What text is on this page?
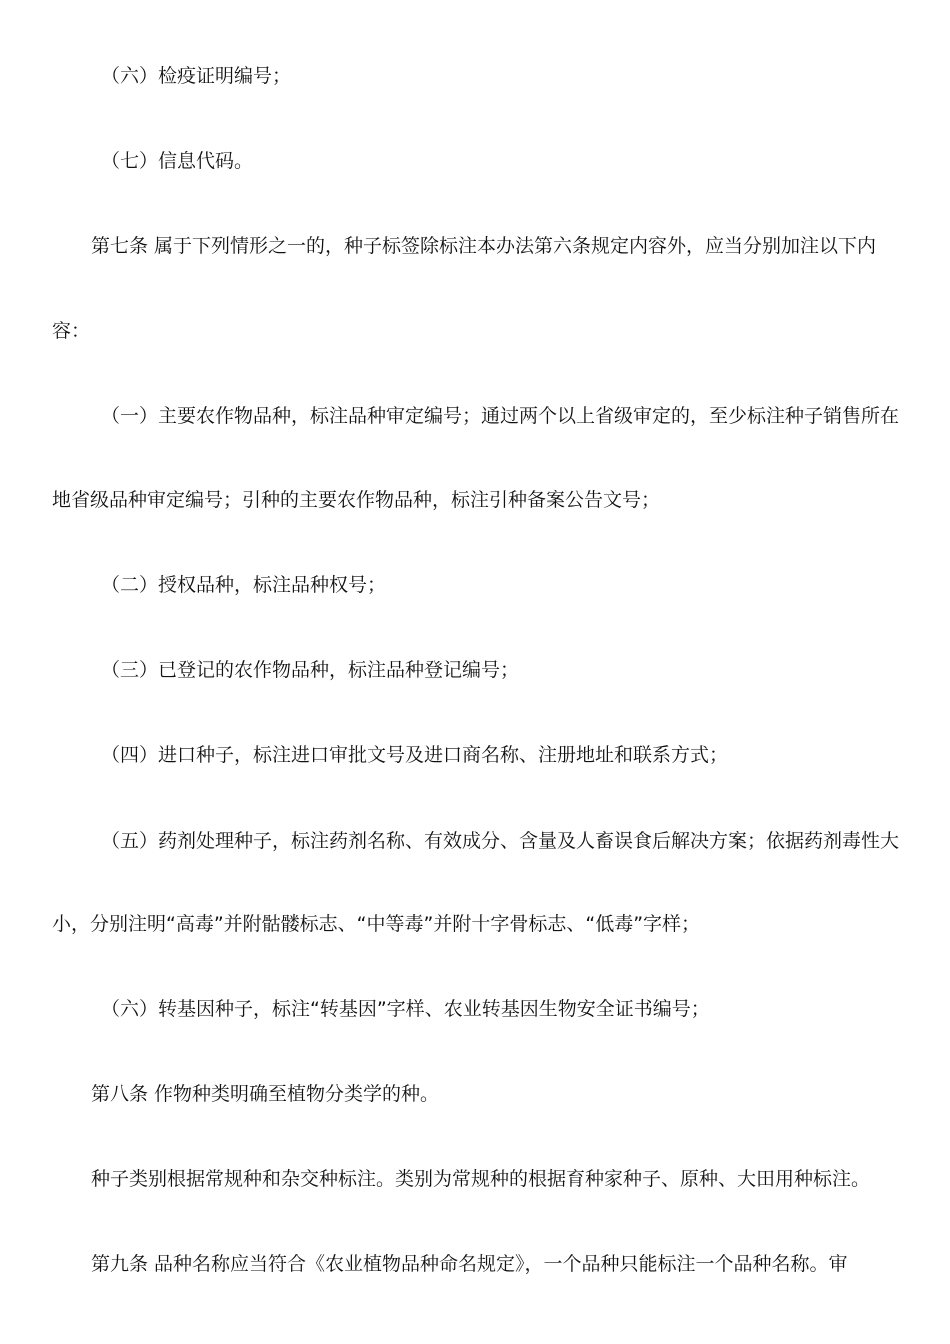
（六）检疫证明编号；
（七）信息代码。
第七条 属于下列情形之一的，种子标签除标注本办法第六条规定内容外，应当分别加注以下内
容：
（一）主要农作物品种，标注品种审定编号；通过两个以上省级审定的，至少标注种子销售所在
地省级品种审定编号；引种的主要农作物品种，标注引种备案公告文号；
（二）授权品种，标注品种权号；
（三）已登记的农作物品种，标注品种登记编号；
（四）进口种子，标注进口审批文号及进口商名称、注册地址和联系方式；
（五）药剂处理种子，标注药剂名称、有效成分、含量及人畜误食后解决方案；依据药剂毒性大
小，分别注明“高毒”并附骷髅标志、“中等毒”并附十字骨标志、“低毒”字样；
（六）转基因种子，标注“转基因”字样、农业转基因生物安全证书编号；
第八条 作物种类明确至植物分类学的种。
种子类别根据常规种和杂交种标注。类别为常规种的根据育种家种子、原种、大田用种标注。
第九条 品种名称应当符合《农业植物品种命名规定》，一个品种只能标注一个品种名称。审
